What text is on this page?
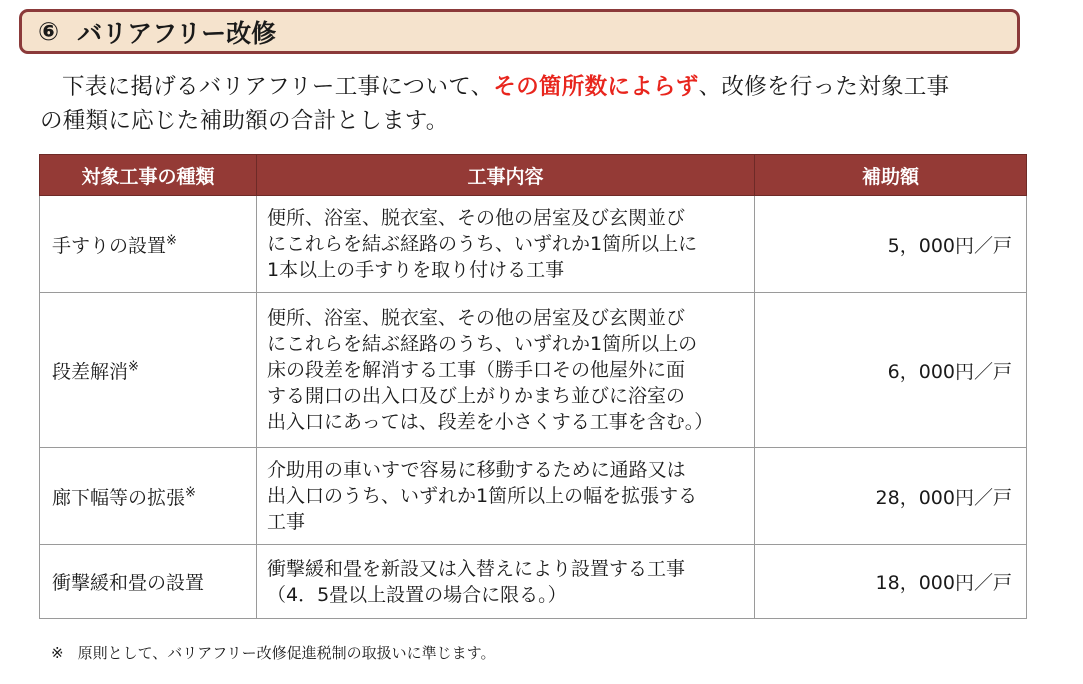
⑥ バリアフリー改修
下表に掲げるバリアフリー工事について、その箇所数によらず、改修を行った対象工事
の種類に応じた補助額の合計とします。
対象工事の種類	工事内容	補助額
手すりの設置※	便所、浴室、脱衣室、その他の居室及び玄関並び
にこれらを結ぶ経路のうち、いずれか1箇所以上に
1本以上の手すりを取り付ける工事	5，000円／戸
段差解消※	便所、浴室、脱衣室、その他の居室及び玄関並び
にこれらを結ぶ経路のうち、いずれか1箇所以上の
床の段差を解消する工事（勝手口その他屋外に面
する開口の出入口及び上がりかまち並びに浴室の
出入口にあっては、段差を小さくする工事を含む。）	6，000円／戸
廊下幅等の拡張※	介助用の車いすで容易に移動するために通路又は
出入口のうち、いずれか1箇所以上の幅を拡張する
工事	28，000円／戸
衝撃緩和畳の設置	衝撃緩和畳を新設又は入替えにより設置する工事
（4．5畳以上設置の場合に限る。）	18，000円／戸
※ 原則として、バリアフリー改修促進税制の取扱いに準じます。
